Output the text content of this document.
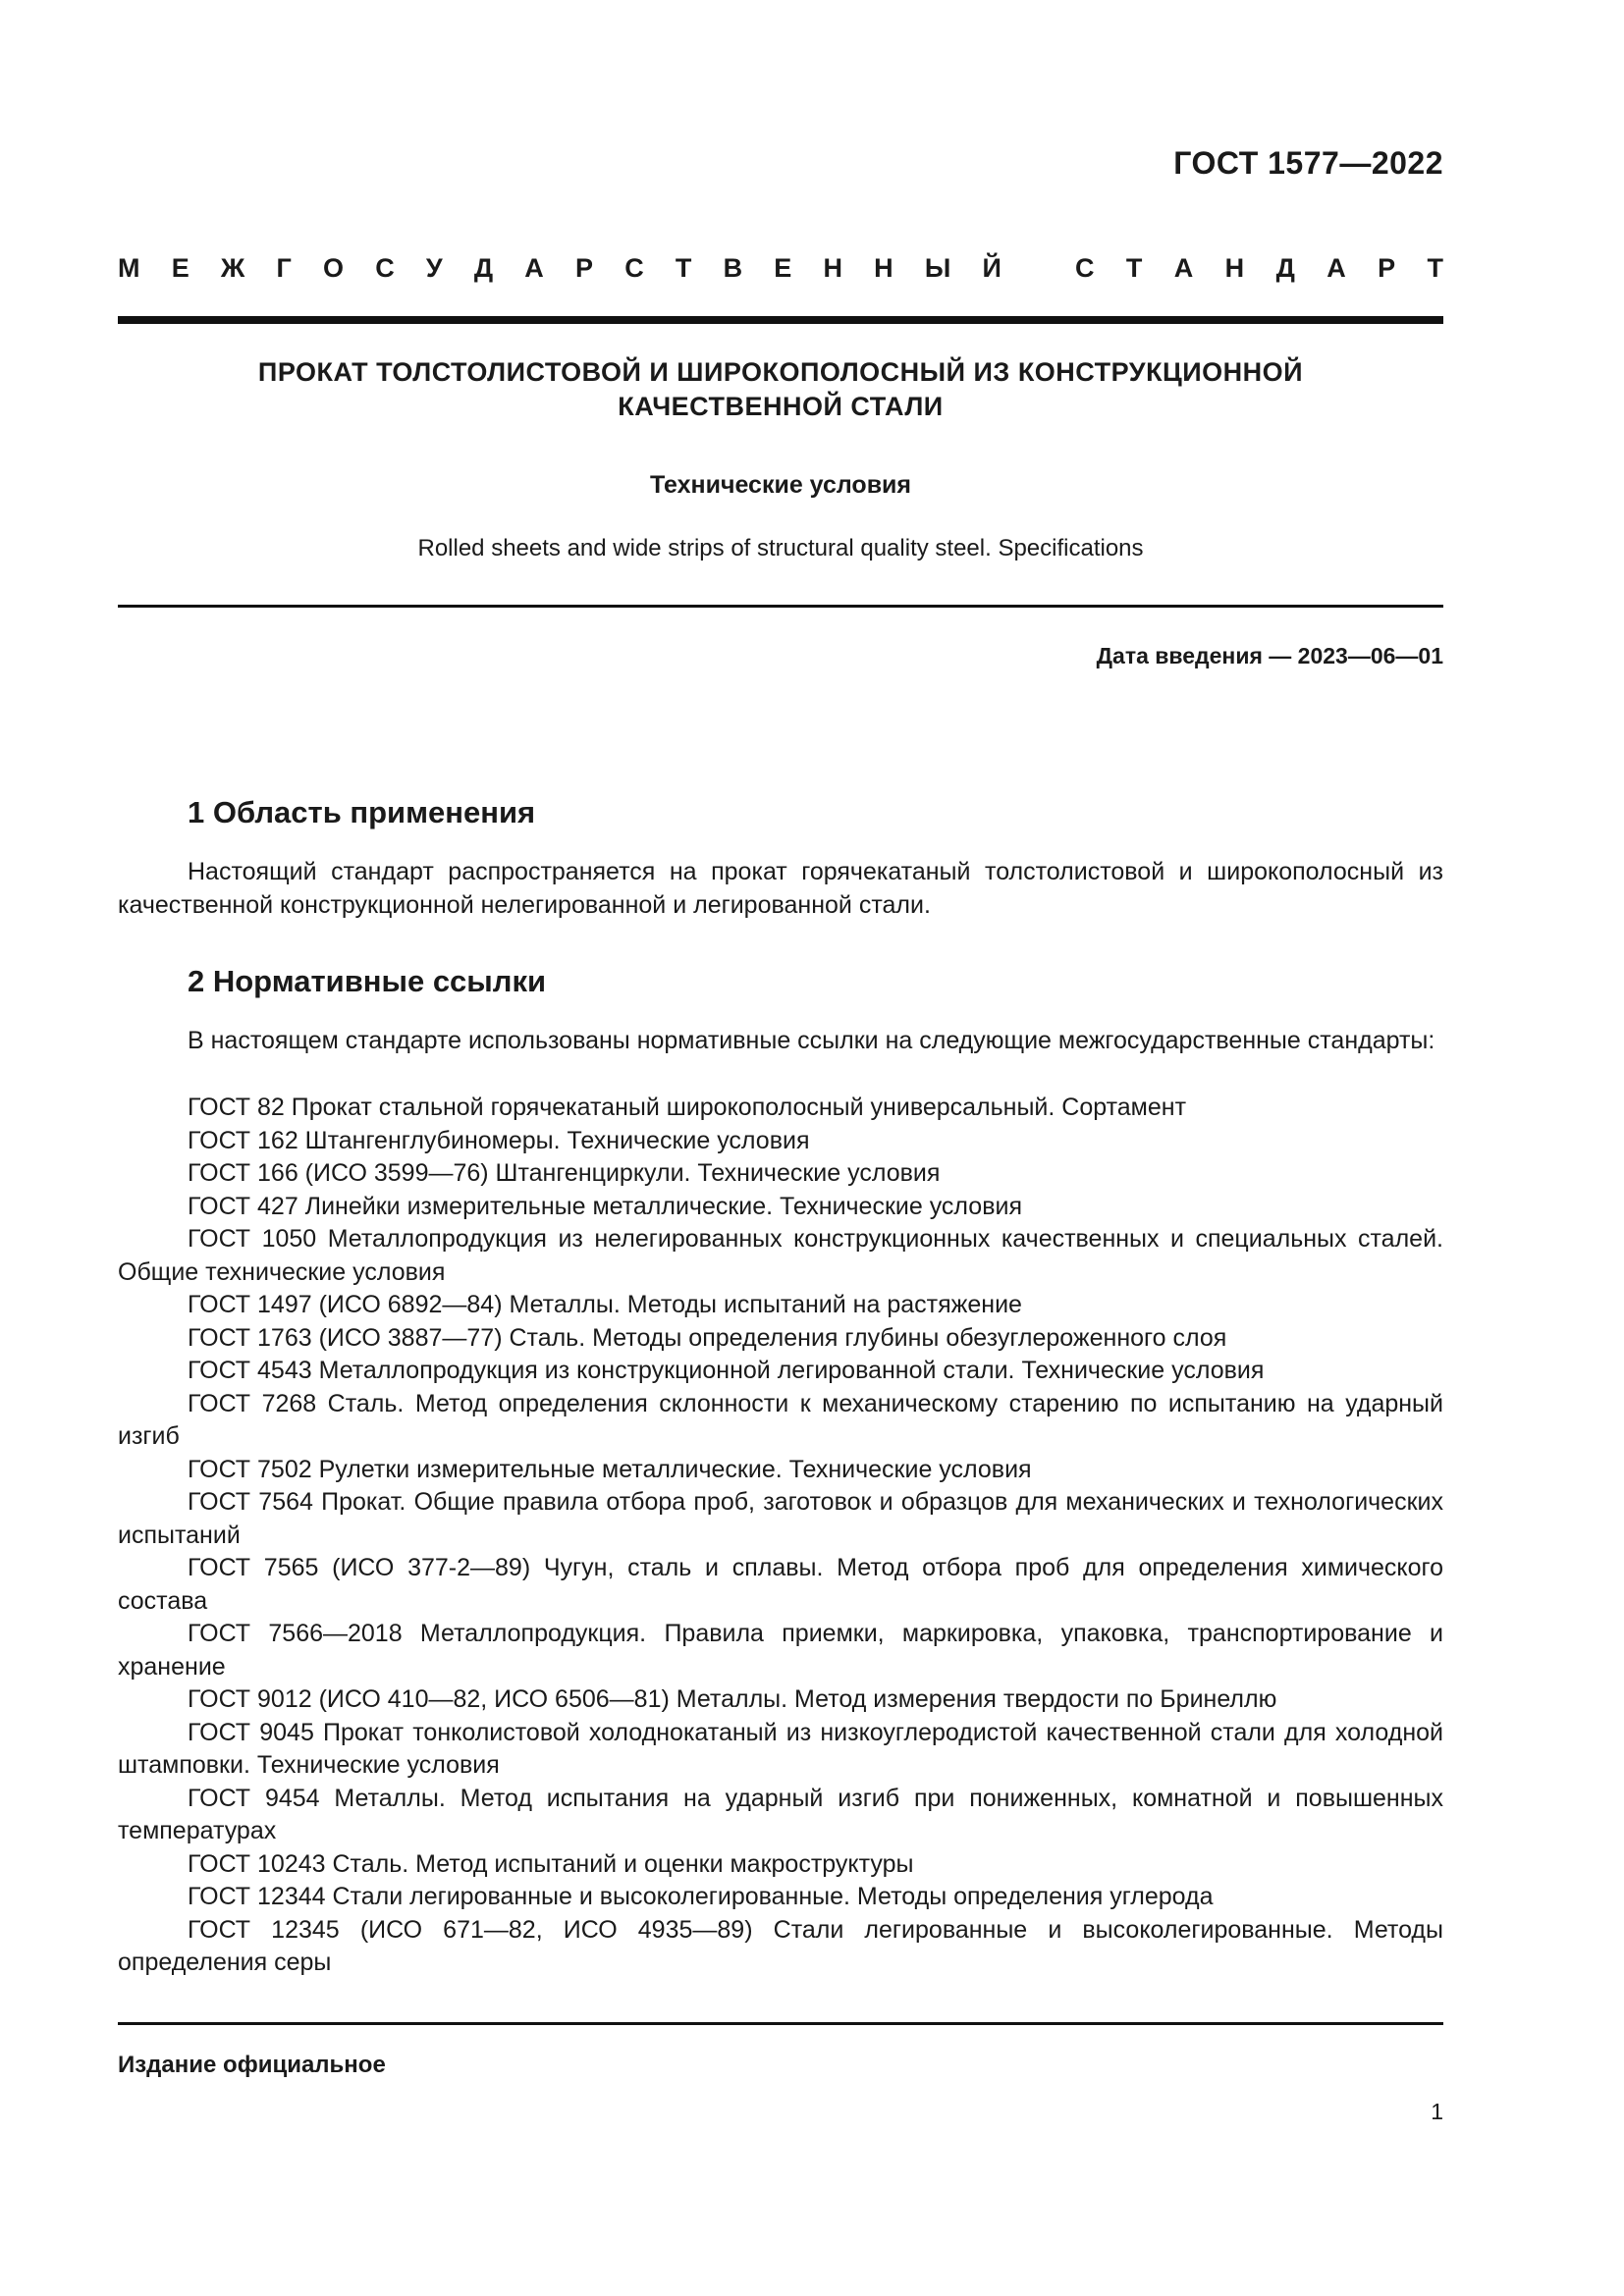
ГОСТ 1577—2022
М Е Ж Г О С У Д А Р С Т В Е Н Н Ы Й	С Т А Н Д А Р Т
ПРОКАТ ТОЛСТОЛИСТОВОЙ И ШИРОКОПОЛОСНЫЙ ИЗ КОНСТРУКЦИОННОЙ
КАЧЕСТВЕННОЙ СТАЛИ
Технические условия
Rolled sheets and wide strips of structural quality steel. Specifications
Дата введения — 2023—06—01
1 Область применения

Настоящий стандарт распространяется на прокат горячекатаный толстолистовой и широкополосный из качественной конструкционной нелегированной и легированной стали.

2 Нормативные ссылки

В настоящем стандарте использованы нормативные ссылки на следующие межгосударственные стандарты:

ГОСТ 82 Прокат стальной горячекатаный широкополосный универсальный. Сортамент

ГОСТ 162 Штангенглубиномеры. Технические условия

ГОСТ 166 (ИСО 3599—76) Штангенциркули. Технические условия

ГОСТ 427 Линейки измерительные металлические. Технические условия

ГОСТ 1050 Металлопродукция из нелегированных конструкционных качественных и специальных сталей. Общие технические условия

ГОСТ 1497 (ИСО 6892—84) Металлы. Методы испытаний на растяжение

ГОСТ 1763 (ИСО 3887—77) Сталь. Методы определения глубины обезуглероженного слоя

ГОСТ 4543 Металлопродукция из конструкционной легированной стали. Технические условия

ГОСТ 7268 Сталь. Метод определения склонности к механическому старению по испытанию на ударный изгиб

ГОСТ 7502 Рулетки измерительные металлические. Технические условия

ГОСТ 7564 Прокат. Общие правила отбора проб, заготовок и образцов для механических и технологических испытаний

ГОСТ 7565 (ИСО 377-2—89) Чугун, сталь и сплавы. Метод отбора проб для определения химического состава

ГОСТ 7566—2018 Металлопродукция. Правила приемки, маркировка, упаковка, транспортирование и хранение

ГОСТ 9012 (ИСО 410—82, ИСО 6506—81) Металлы. Метод измерения твердости по Бринеллю

ГОСТ 9045 Прокат тонколистовой холоднокатаный из низкоуглеродистой качественной стали для холодной штамповки. Технические условия

ГОСТ 9454 Металлы. Метод испытания на ударный изгиб при пониженных, комнатной и повышенных температурах

ГОСТ 10243 Сталь. Метод испытаний и оценки макроструктуры

ГОСТ 12344 Стали легированные и высоколегированные. Методы определения углерода

ГОСТ 12345 (ИСО 671—82, ИСО 4935—89) Стали легированные и высоколегированные. Методы определения серы

Издание официальное
1
